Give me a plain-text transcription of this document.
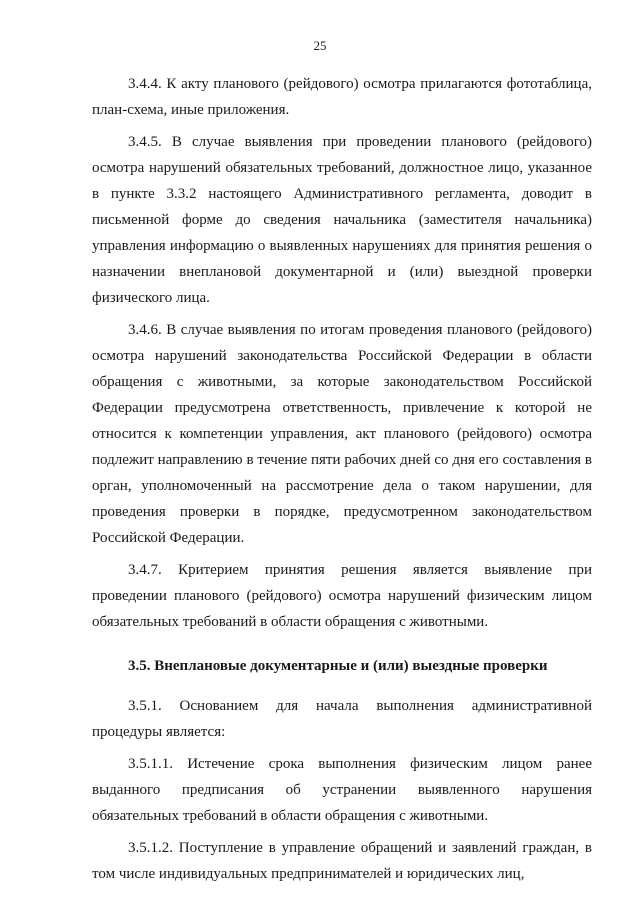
25

3.4.4. К акту планового (рейдового) осмотра прилагаются фототаблица, план-схема, иные приложения.

3.4.5. В случае выявления при проведении планового (рейдового) осмотра нарушений обязательных требований, должностное лицо, указанное в пункте 3.3.2 настоящего Административного регламента, доводит в письменной форме до сведения начальника (заместителя начальника) управления информацию о выявленных нарушениях для принятия решения о назначении внеплановой документарной и (или) выездной проверки физического лица.

3.4.6. В случае выявления по итогам проведения планового (рейдового) осмотра нарушений законодательства Российской Федерации в области обращения с животными, за которые законодательством Российской Федерации предусмотрена ответственность, привлечение к которой не относится к компетенции управления, акт планового (рейдового) осмотра подлежит направлению в течение пяти рабочих дней со дня его составления в орган, уполномоченный на рассмотрение дела о таком нарушении, для проведения проверки в порядке, предусмотренном законодательством Российской Федерации.

3.4.7. Критерием принятия решения является выявление при проведении планового (рейдового) осмотра нарушений физическим лицом обязательных требований в области обращения с животными.

3.5. Внеплановые документарные и (или) выездные проверки

3.5.1. Основанием для начала выполнения административной процедуры является:

3.5.1.1. Истечение срока выполнения физическим лицом ранее выданного предписания об устранении выявленного нарушения обязательных требований в области обращения с животными.

3.5.1.2. Поступление в управление обращений и заявлений граждан, в том числе индивидуальных предпринимателей и юридических лиц,
